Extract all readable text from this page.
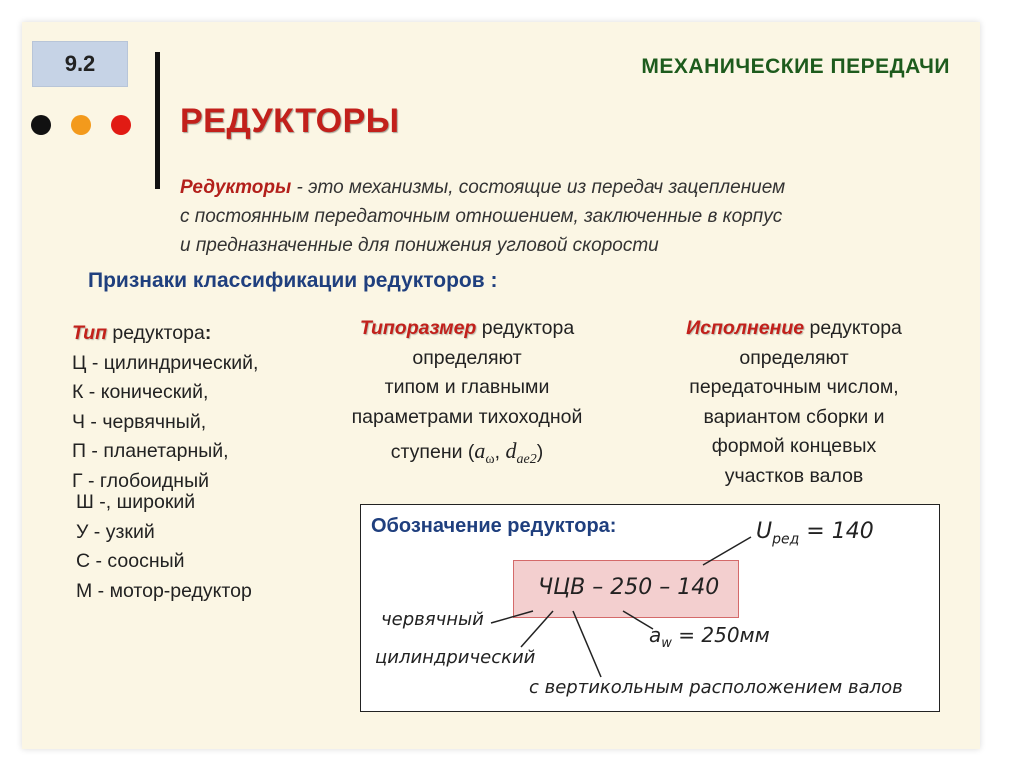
9.2	МЕХАНИЧЕСКИЕ ПЕРЕДАЧИ
РЕДУКТОРЫ
Редукторы - это механизмы, состоящие из передач зацеплением
с постоянным передаточным отношением, заключенные в корпус
и предназначенные для понижения угловой скорости
Признаки классификации редукторов :
Тип редуктора:
Ц - цилиндрический,
К - конический,
Ч - червячный,
П - планетарный,
Г - глобоидный
Ш -, широкий
У - узкий
С - соосный
М - мотор-редуктор
Типоразмер редуктора
определяют
типом и главными
параметрами тихоходной
ступени ($a_\omega$, $d_{ae2}$)
Исполнение редуктора
определяют
передаточным числом,
вариантом сборки и
формой концевых
участков валов
Обозначение редуктора:	$U_{ред} = 140$
ЧЦВ – 250 – 140
червячный
цилиндрический
$a_w = 250мм$
с вертикольным расположением валов
